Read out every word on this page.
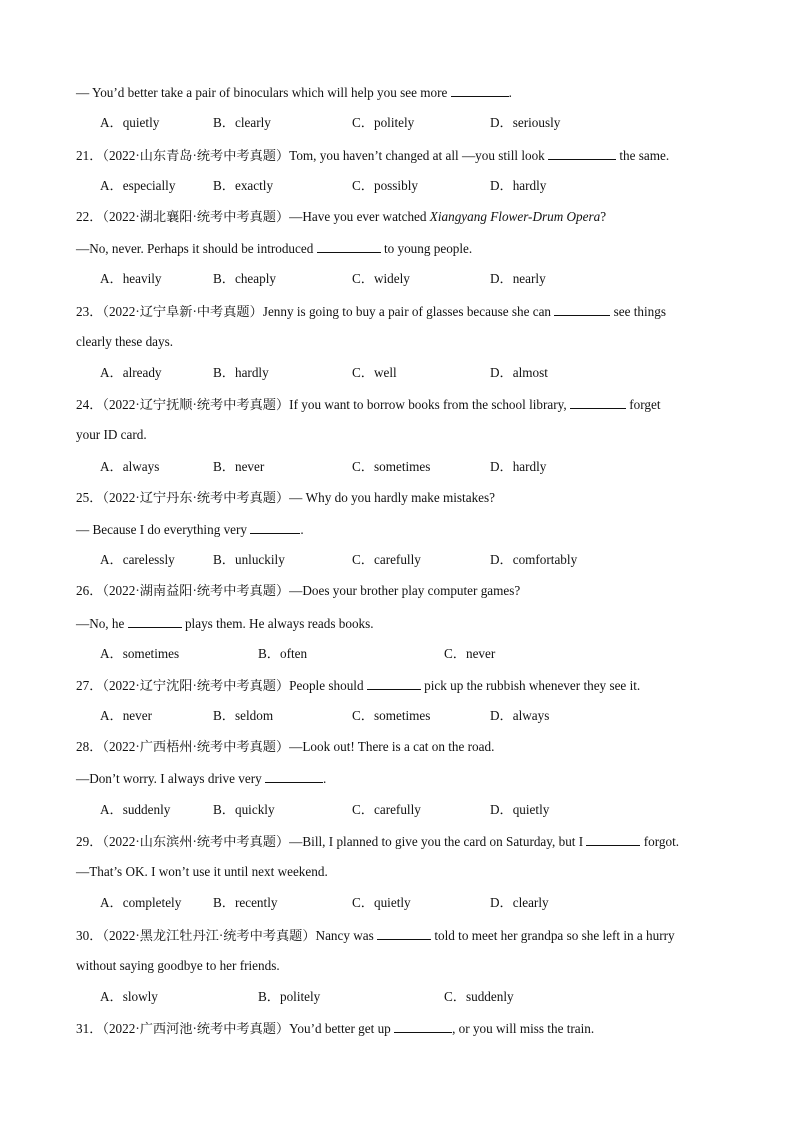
— You’d better take a pair of binoculars which will help you see more	.
A．quietly	B．clearly	C．politely	D．seriously
21．（2022·山东青岛·统考中考真题）Tom, you haven’t changed at all —you still look	the same.
A．especially	B．exactly	C．possibly	D．hardly
22．（2022·湖北襄阳·统考中考真题）—Have you ever watched Xiangyang Flower-Drum Opera?
—No, never. Perhaps it should be introduced	to young people.
A．heavily	B．cheaply	C．widely	D．nearly
23．（2022·辽宁阜新·中考真题）Jenny is going to buy a pair of glasses because she can	see things
clearly these days.
A．already	B．hardly	C．well	D．almost
24．（2022·辽宁抚顺·统考中考真题）If you want to borrow books from the school library,	forget
your ID card.
A．always	B．never	C．sometimes	D．hardly
25．（2022·辽宁丹东·统考中考真题）— Why do you hardly make mistakes?
— Because I do everything very	.
A．carelessly	B．unluckily	C．carefully	D．comfortably
26．（2022·湖南益阳·统考中考真题）—Does your brother play computer games?
—No, he	plays them. He always reads books.
A．sometimes	B．often	C．never
27．（2022·辽宁沈阳·统考中考真题）People should	pick up the rubbish whenever they see it.
A．never	B．seldom	C．sometimes	D．always
28．（2022·广西梧州·统考中考真题）—Look out! There is a cat on the road.
—Don’t worry. I always drive very	.
A．suddenly	B．quickly	C．carefully	D．quietly
29．（2022·山东滨州·统考中考真题）—Bill, I planned to give you the card on Saturday, but I	forgot.
—That’s OK. I won’t use it until next weekend.
A．completely B．recently	C．quietly	D．clearly
30．（2022·黑龙江牡丹江·统考中考真题）Nancy was	told to meet her grandpa so she left in a hurry
without saying goodbye to her friends.
A．slowly	B．politely	C．suddenly
31．（2022·广西河池·统考中考真题）You’d better get up	, or you will miss the train.
